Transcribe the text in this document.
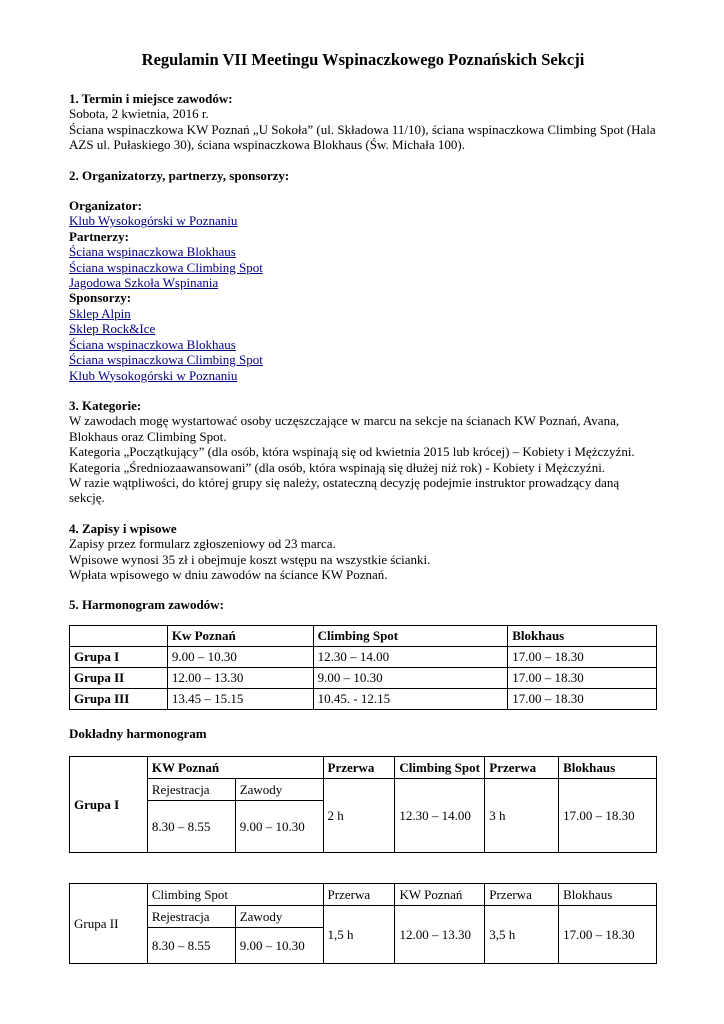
Regulamin VII Meetingu Wspinaczkowego Poznańskich Sekcji
1. Termin i miejsce zawodów:

Sobota, 2 kwietnia, 2016 r.

Ściana wspinaczkowa KW Poznań „U Sokoła” (ul. Składowa 11/10), ściana wspinaczkowa Climbing Spot (Hala AZS ul. Pułaskiego 30), ściana wspinaczkowa Blokhaus (Św. Michała 100).

2. Organizatorzy, partnerzy, sponsorzy:
Organizator:
Klub Wysokogórski w Poznaniu
Partnerzy:
Ściana wspinaczkowa Blokhaus
Ściana wspinaczkowa Climbing Spot
Jagodowa Szkoła Wspinania
Sponsorzy:
Sklep Alpin
Sklep Rock&Ice
Ściana wspinaczkowa Blokhaus
Ściana wspinaczkowa Climbing Spot
Klub Wysokogórski w Poznaniu
3. Kategorie:

W zawodach mogę wystartować osoby uczęszczające w marcu na sekcje na ścianach KW Poznań, Avana, Blokhaus oraz Climbing Spot.

Kategoria „Początkujący” (dla osób, która wspinają się od kwietnia 2015 lub krócej) – Kobiety i Mężczyźni.

Kategoria „Średniozaawansowani” (dla osób, która wspinają się dłużej niż rok) - Kobiety i Mężczyźni.

W razie wątpliwości, do której grupy się należy, ostateczną decyzję podejmie instruktor prowadzący daną sekcję.

4. Zapisy i wpisowe

Zapisy przez formularz zgłoszeniowy od 23 marca.

Wpisowe wynosi 35 zł i obejmuje koszt wstępu na wszystkie ścianki.

Wpłata wpisowego w dniu zawodów na ściance KW Poznań.

5. Harmonogram zawodów:
	Kw Poznań	Climbing Spot	Blokhaus
Grupa I	9.00 – 10.30	12.30 – 14.00	17.00 – 18.30
Grupa II	12.00 – 13.30	9.00 – 10.30	17.00 – 18.30
Grupa III	13.45 – 15.15	10.45. - 12.15	17.00 – 18.30
Dokładny harmonogram
Grupa I	KW Poznań		Przerwa	Climbing Spot	Przerwa	Blokhaus
	Rejestracja	Zawody	2 h	12.30 – 14.00	3 h	17.00 – 18.30
	8.30 – 8.55	9.00 – 10.30				
Grupa II	Climbing Spot		Przerwa	KW Poznań	Przerwa	Blokhaus
	Rejestracja	Zawody	1,5 h	12.00 – 13.30	3,5 h	17.00 – 18.30
	8.30 – 8.55	9.00 – 10.30				
